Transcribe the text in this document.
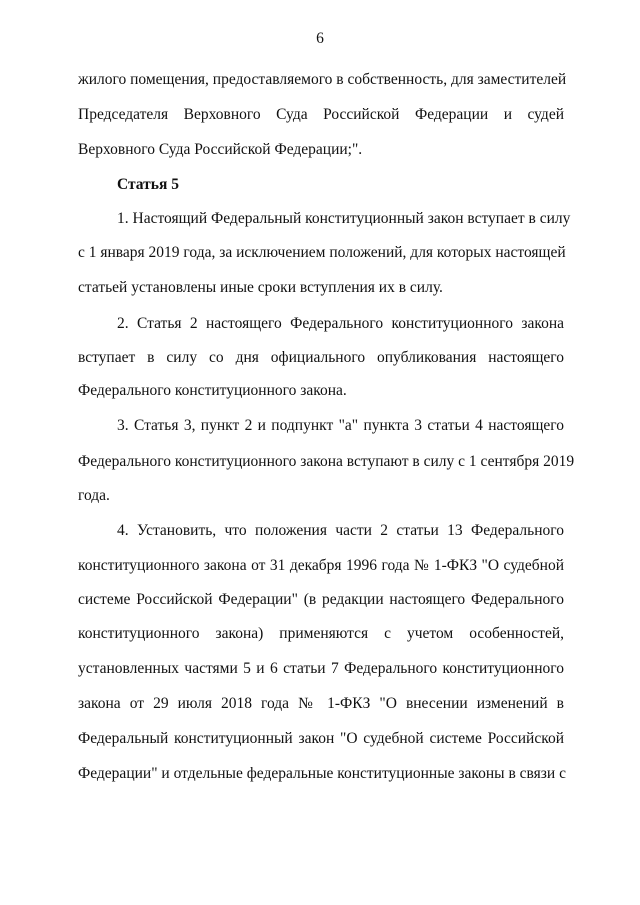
6
жилого помещения, предоставляемого в собственность, для заместителей
Председателя Верховного Суда Российской Федерации и судей
Верховного Суда Российской Федерации;".
Статья 5
1. Настоящий Федеральный конституционный закон вступает в силу
с 1 января 2019 года, за исключением положений, для которых настоящей
статьей установлены иные сроки вступления их в силу.
2. Статья 2 настоящего Федерального конституционного закона
вступает в силу со дня официального опубликования настоящего
Федерального конституционного закона.
3. Статья 3, пункт 2 и подпункт "а" пункта 3 статьи 4 настоящего
Федерального конституционного закона вступают в силу с 1 сентября 2019
года.
4. Установить, что положения части 2 статьи 13 Федерального
конституционного закона от 31 декабря 1996 года № 1-ФКЗ "О судебной
системе Российской Федерации" (в редакции настоящего Федерального
конституционного закона) применяются с учетом особенностей,
установленных частями 5 и 6 статьи 7 Федерального конституционного
закона от 29 июля 2018 года № 1-ФКЗ "О внесении изменений в
Федеральный конституционный закон "О судебной системе Российской
Федерации" и отдельные федеральные конституционные законы в связи с
